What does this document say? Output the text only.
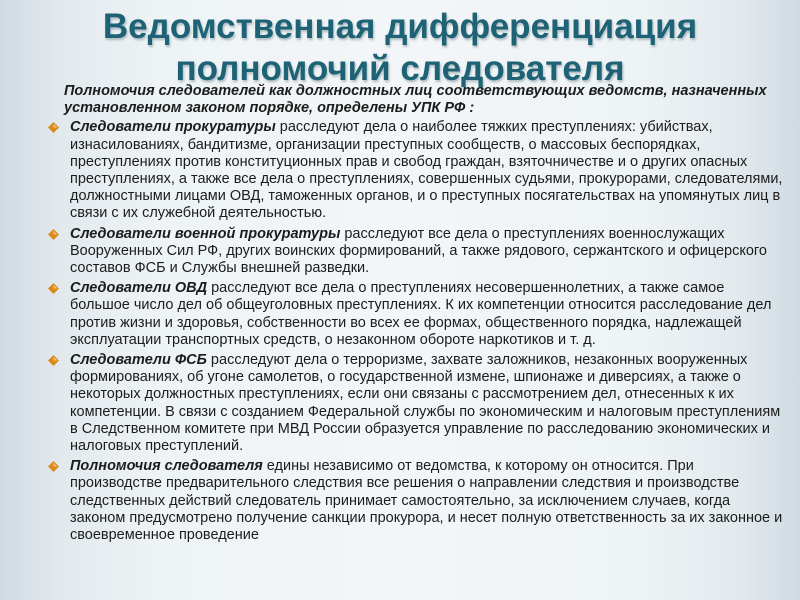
Ведомственная дифференциация
полномочий следователя

Полномочия следователей как должностных лиц соответствующих ведомств, назначенных установленном законом порядке, определены УПК РФ :

Следователи прокуратуры расследуют дела о наиболее тяжких преступлениях: убийствах, изнасилованиях, бандитизме, организации преступных сообществ, о массовых беспорядках, преступлениях против конституционных прав и свобод граждан, взяточничестве и о других опасных преступлениях, а также все дела о преступлениях, совершенных судьями, прокурорами, следователями, должностными лицами ОВД, таможенных органов, и о преступных посягательствах на упомянутых лиц в связи с их служебной деятельностью.
Следователи военной прокуратуры расследуют все дела о преступлениях военнослужащих Вооруженных Сил РФ, других воинских формирований, а также рядового, сержантского и офицерского составов ФСБ и Службы внешней разведки.
Следователи ОВД расследуют все дела о преступлениях несовершеннолетних, а также самое большое число дел об общеуголовных преступлениях. К их компетенции относится расследование дел против жизни и здоровья, собственности во всех ее формах, общественного порядка, надлежащей эксплуатации транспортных средств, о незаконном обороте наркотиков и т. д.
Следователи ФСБ расследуют дела о терроризме, захвате заложников, незаконных вооруженных формированиях, об угоне самолетов, о государственной измене, шпионаже и диверсиях, а также о некоторых должностных преступлениях, если они связаны с рассмотрением дел, отнесенных к их компетенции. В связи с созданием Федеральной службы по экономическим и налоговым преступлениям в Следственном комитете при МВД России образуется управление по расследованию экономических и налоговых преступлений.
Полномочия следователя едины независимо от ведомства, к которому он относится. При производстве предварительного следствия все решения о направлении следствия и производстве следственных действий следователь принимает самостоятельно, за исключением случаев, когда законом предусмотрено получение санкции прокурора, и несет полную ответственность за их законное и своевременное проведение
